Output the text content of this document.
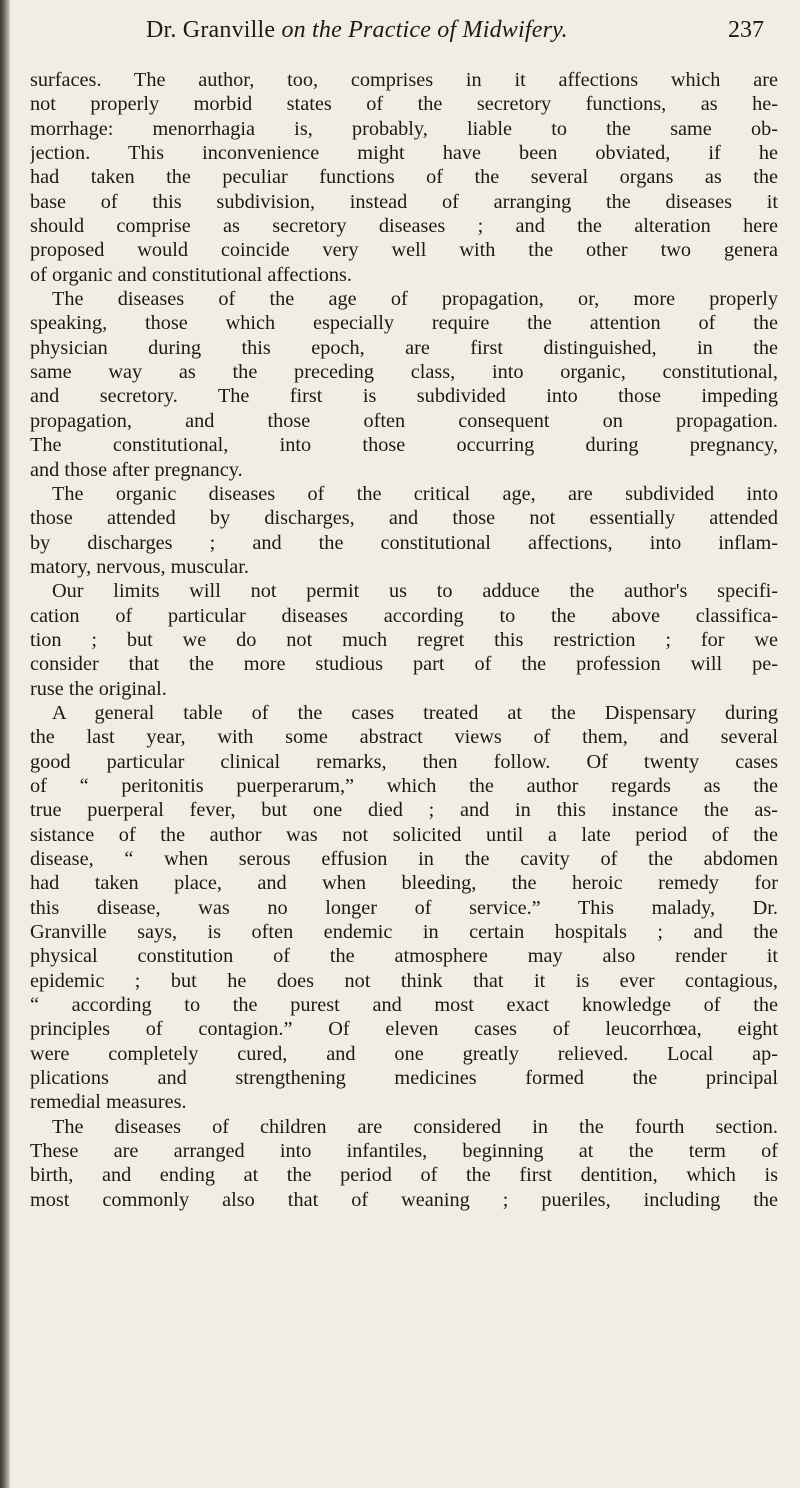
Dr. Granville on the Practice of Midwifery.	237
surfaces. The author, too, comprises in it affections which are
not properly morbid states of the secretory functions, as he-
morrhage: menorrhagia is, probably, liable to the same ob-
jection. This inconvenience might have been obviated, if he
had taken the peculiar functions of the several organs as the
base of this subdivision, instead of arranging the diseases it
should comprise as secretory diseases ; and the alteration here
proposed would coincide very well with the other two genera
of organic and constitutional affections.
The diseases of the age of propagation, or, more properly
speaking, those which especially require the attention of the
physician during this epoch, are first distinguished, in the
same way as the preceding class, into organic, constitutional,
and secretory. The first is subdivided into those impeding
propagation, and those often consequent on propagation.
The constitutional, into those occurring during pregnancy,
and those after pregnancy.
The organic diseases of the critical age, are subdivided into
those attended by discharges, and those not essentially attended
by discharges ; and the constitutional affections, into inflam-
matory, nervous, muscular.
Our limits will not permit us to adduce the author's specifi-
cation of particular diseases according to the above classifica-
tion ; but we do not much regret this restriction ; for we
consider that the more studious part of the profession will pe-
ruse the original.
A general table of the cases treated at the Dispensary during
the last year, with some abstract views of them, and several
good particular clinical remarks, then follow. Of twenty cases
of “ peritonitis puerperarum,” which the author regards as the
true puerperal fever, but one died ; and in this instance the as-
sistance of the author was not solicited until a late period of the
disease, “ when serous effusion in the cavity of the abdomen
had taken place, and when bleeding, the heroic remedy for
this disease, was no longer of service.” This malady, Dr.
Granville says, is often endemic in certain hospitals ; and the
physical constitution of the atmosphere may also render it
epidemic ; but he does not think that it is ever contagious,
“ according to the purest and most exact knowledge of the
principles of contagion.” Of eleven cases of leucorrhœa, eight
were completely cured, and one greatly relieved. Local ap-
plications and strengthening medicines formed the principal
remedial measures.
The diseases of children are considered in the fourth section.
These are arranged into infantiles, beginning at the term of
birth, and ending at the period of the first dentition, which is
most commonly also that of weaning ; pueriles, including the
